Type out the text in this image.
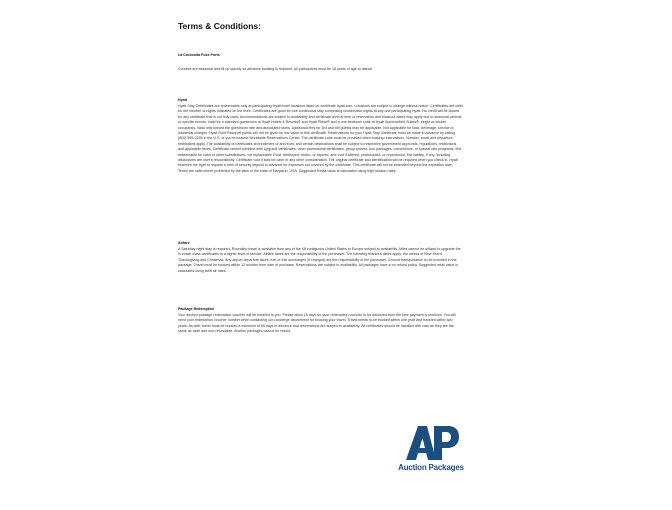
Terms & Conditions:
La Cordonita Foxx Ports
Courses are seasonal and fill up quickly so advance booking is required. All participants must be 18 years of age to attend.
Hyatt
Hyatt Stay Certificates are redeemable only at participating Hyatt hotel locations listed on certificate hyatt.com. Locations are subject to change without notice. Certificates are valid for the number of nights indicated on the front. Certificates are good for one continuous stay comprising consecutive nights at any one participating Hyatt. No credit will be issued for any certificate that is not fully used. Accommodations are subject to availability and certificate level at time of reservation and blackout dates may apply due to seasonal periods or specific events. Valid for a standard guestroom at Hyatt Hotels & Resorts® and Hyatt Place® and a one-bedroom suite at Hyatt Summerfield Suites®, single or double occupancy. Valid only toward the guestroom rate and associated taxes. Additional fees for 3rd and 4th guests may be applicable. Not applicable for food, beverage, service or incidental charges. Hyatt Gold Passport points will not be given for the value of this certificate. Reservations for your Hyatt Stay Certificate must be made in advance by calling (800) 555-0155 in the U.S. or you're nearest Worldwide Reservations Center. The certificate code must be provided when making reservations. Number, email and departure restrictions apply. The availability of certificates at enrollment or and from, and certain destinations shall be subject to respective government approvals, regulations, restrictions and applicable taxes. Certificate cannot combine with Upgrade certificates, other promotional certificates, group protest, tour packages, conventions, or special rate programs. Not redeemable for cash or other substitutions, not replaceable if lost, destroyed, stolen, or expired, and void if altered, photocopied, or reproduced. Tax liability, if any, including disclosures are user's responsibility. Certificate void if sold for cash or any other consideration. The original certificate and identification will be required when you check in. Hyatt reserves the right to request a form of security deposit in advance for expenses not covered by the certificate. This certificate will not be extended beyond the expiration date. Terms are valid where prohibited by the laws of the state of Maryland, USA. Suggested Retail value is calculated using high season rates.
Airfare
A Saturday night stay is required. Roundtrip travel is available from any of the 48 contiguous United States to Europe subject to availability. Miles cannot be utilized to upgrade the in coach class certificates to a higher level of service. Airfare taxes are the responsibility of the purchaser. The following blackout dates apply: the weeks of New Year's Thanksgiving and Christmas. Any airport departure taxes, fuel or fuel surcharges (if charged) are the responsibility of the purchaser. Ground transportation is not included in the package. Travel must be booked within 12 months from date of purchase. Reservations are subject to availability. All packages have a no refund policy. Suggested retail value is calculated using tariff air rates.
Package Redemption
Your auction package redemption voucher will be emailed to you. Please allow 15 days for your redemption voucher to be delivered from the time payment is received. You will need your redemption voucher number when contacting our concierge department for booking your travel. Travel needs to be booked within one year and traveled within two years. As well, travel must be booked a minimum of 60 days in advance and reservations are subject to availability. All certificates should be handled with care as they are the same as cash and non-refundable. Auction packages cannot be resold.
Auction Packages
